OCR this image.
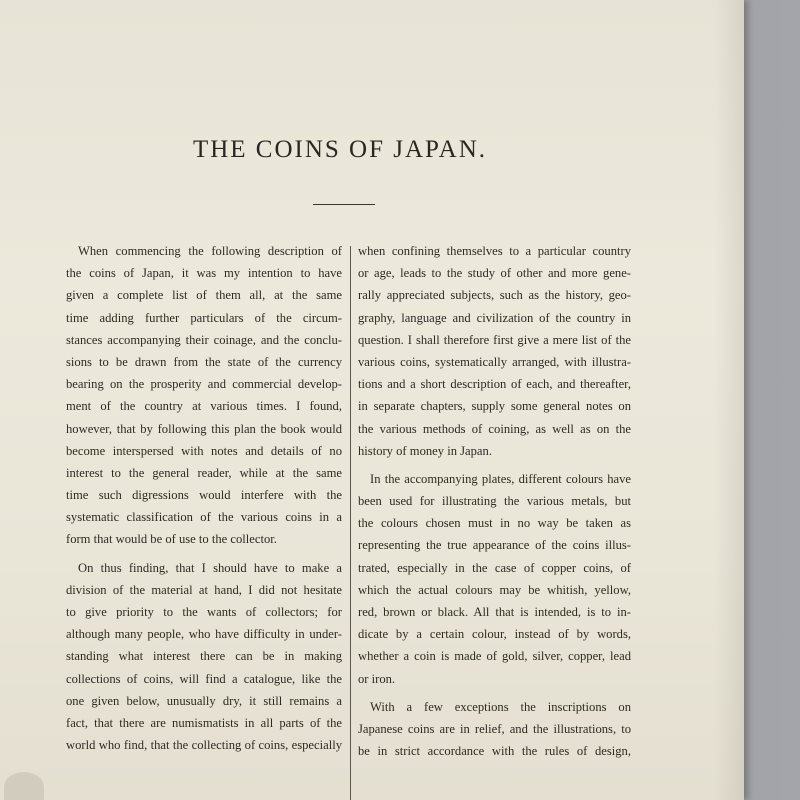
THE COINS OF JAPAN.
When commencing the following description of
the coins of Japan, it was my intention to have
given a complete list of them all, at the same
time adding further particulars of the circum-
stances accompanying their coinage, and the conclu-
sions to be drawn from the state of the currency
bearing on the prosperity and commercial develop-
ment of the country at various times. I found,
however, that by following this plan the book would
become interspersed with notes and details of no
interest to the general reader, while at the same
time such digressions would interfere with the
systematic classification of the various coins in a
form that would be of use to the collector.
On thus finding, that I should have to make a
division of the material at hand, I did not hesitate
to give priority to the wants of collectors; for
although many people, who have difficulty in under-
standing what interest there can be in making
collections of coins, will find a catalogue, like the
one given below, unusually dry, it still remains a
fact, that there are numismatists in all parts of the
world who find, that the collecting of coins, especially
when confining themselves to a particular country
or age, leads to the study of other and more gene-
rally appreciated subjects, such as the history, geo-
graphy, language and civilization of the country in
question. I shall therefore first give a mere list of the
various coins, systematically arranged, with illustra-
tions and a short description of each, and thereafter,
in separate chapters, supply some general notes on
the various methods of coining, as well as on the
history of money in Japan.
In the accompanying plates, different colours have
been used for illustrating the various metals, but
the colours chosen must in no way be taken as
representing the true appearance of the coins illus-
trated, especially in the case of copper coins, of
which the actual colours may be whitish, yellow,
red, brown or black. All that is intended, is to in-
dicate by a certain colour, instead of by words,
whether a coin is made of gold, silver, copper, lead
or iron.
With a few exceptions the inscriptions on
Japanese coins are in relief, and the illustrations, to
be in strict accordance with the rules of design,
